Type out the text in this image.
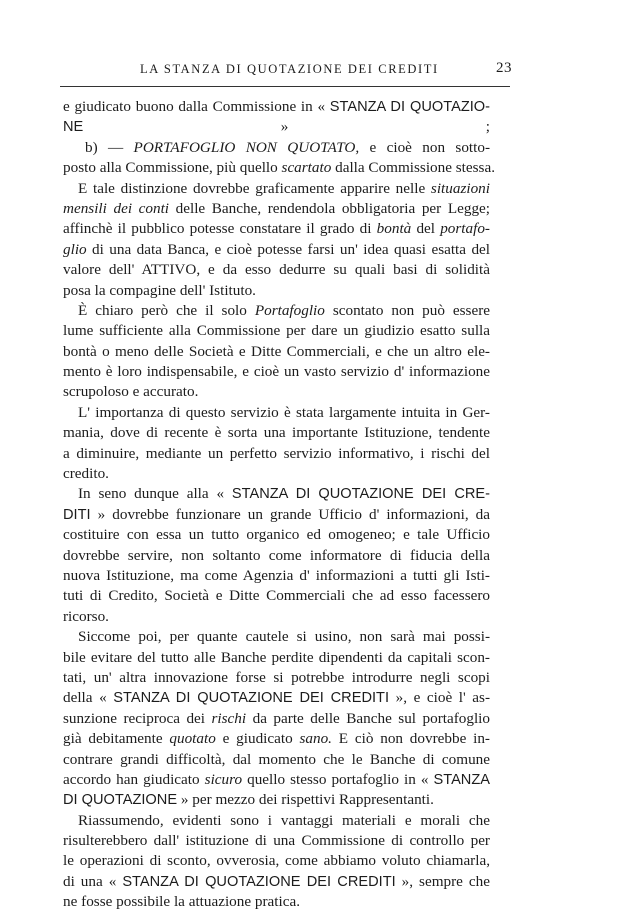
LA STANZA DI QUOTAZIONE DEI CREDITI	23
e giudicato buono dalla Commissione in « STANZA DI QUOTAZIO-
NE » ;
b) — PORTAFOGLIO NON QUOTATO, e cioè non sotto-
posto alla Commissione, più quello scartato dalla Commissione stessa.
E tale distinzione dovrebbe graficamente apparire nelle situazioni
mensili dei conti delle Banche, rendendola obbligatoria per Legge;
affinchè il pubblico potesse constatare il grado di bontà del portafo-
glio di una data Banca, e cioè potesse farsi un' idea quasi esatta del
valore dell' ATTIVO, e da esso dedurre su quali basi di solidità
posa la compagine dell' Istituto.
È chiaro però che il solo Portafoglio scontato non può essere
lume sufficiente alla Commissione per dare un giudizio esatto sulla
bontà o meno delle Società e Ditte Commerciali, e che un altro ele-
mento è loro indispensabile, e cioè un vasto servizio d' informazione
scrupoloso e accurato.
L' importanza di questo servizio è stata largamente intuita in Ger-
mania, dove di recente è sorta una importante Istituzione, tendente
a diminuire, mediante un perfetto servizio informativo, i rischi del
credito.
In seno dunque alla « STANZA DI QUOTAZIONE DEI CRE-
DITI » dovrebbe funzionare un grande Ufficio d' informazioni, da
costituire con essa un tutto organico ed omogeneo; e tale Ufficio
dovrebbe servire, non soltanto come informatore di fiducia della
nuova Istituzione, ma come Agenzia d' informazioni a tutti gli Isti-
tuti di Credito, Società e Ditte Commerciali che ad esso facessero
ricorso.
Siccome poi, per quante cautele si usino, non sarà mai possi-
bile evitare del tutto alle Banche perdite dipendenti da capitali scon-
tati, un' altra innovazione forse si potrebbe introdurre negli scopi
della « STANZA DI QUOTAZIONE DEI CREDITI », e cioè l' as-
sunzione reciproca dei rischi da parte delle Banche sul portafoglio
già debitamente quotato e giudicato sano. E ciò non dovrebbe in-
contrare grandi difficoltà, dal momento che le Banche di comune
accordo han giudicato sicuro quello stesso portafoglio in « STANZA
DI QUOTAZIONE » per mezzo dei rispettivi Rappresentanti.
Riassumendo, evidenti sono i vantaggi materiali e morali che
risulterebbero dall' istituzione di una Commissione di controllo per
le operazioni di sconto, ovverosia, come abbiamo voluto chiamarla,
di una « STANZA DI QUOTAZIONE DEI CREDITI », sempre che
ne fosse possibile la attuazione pratica.
